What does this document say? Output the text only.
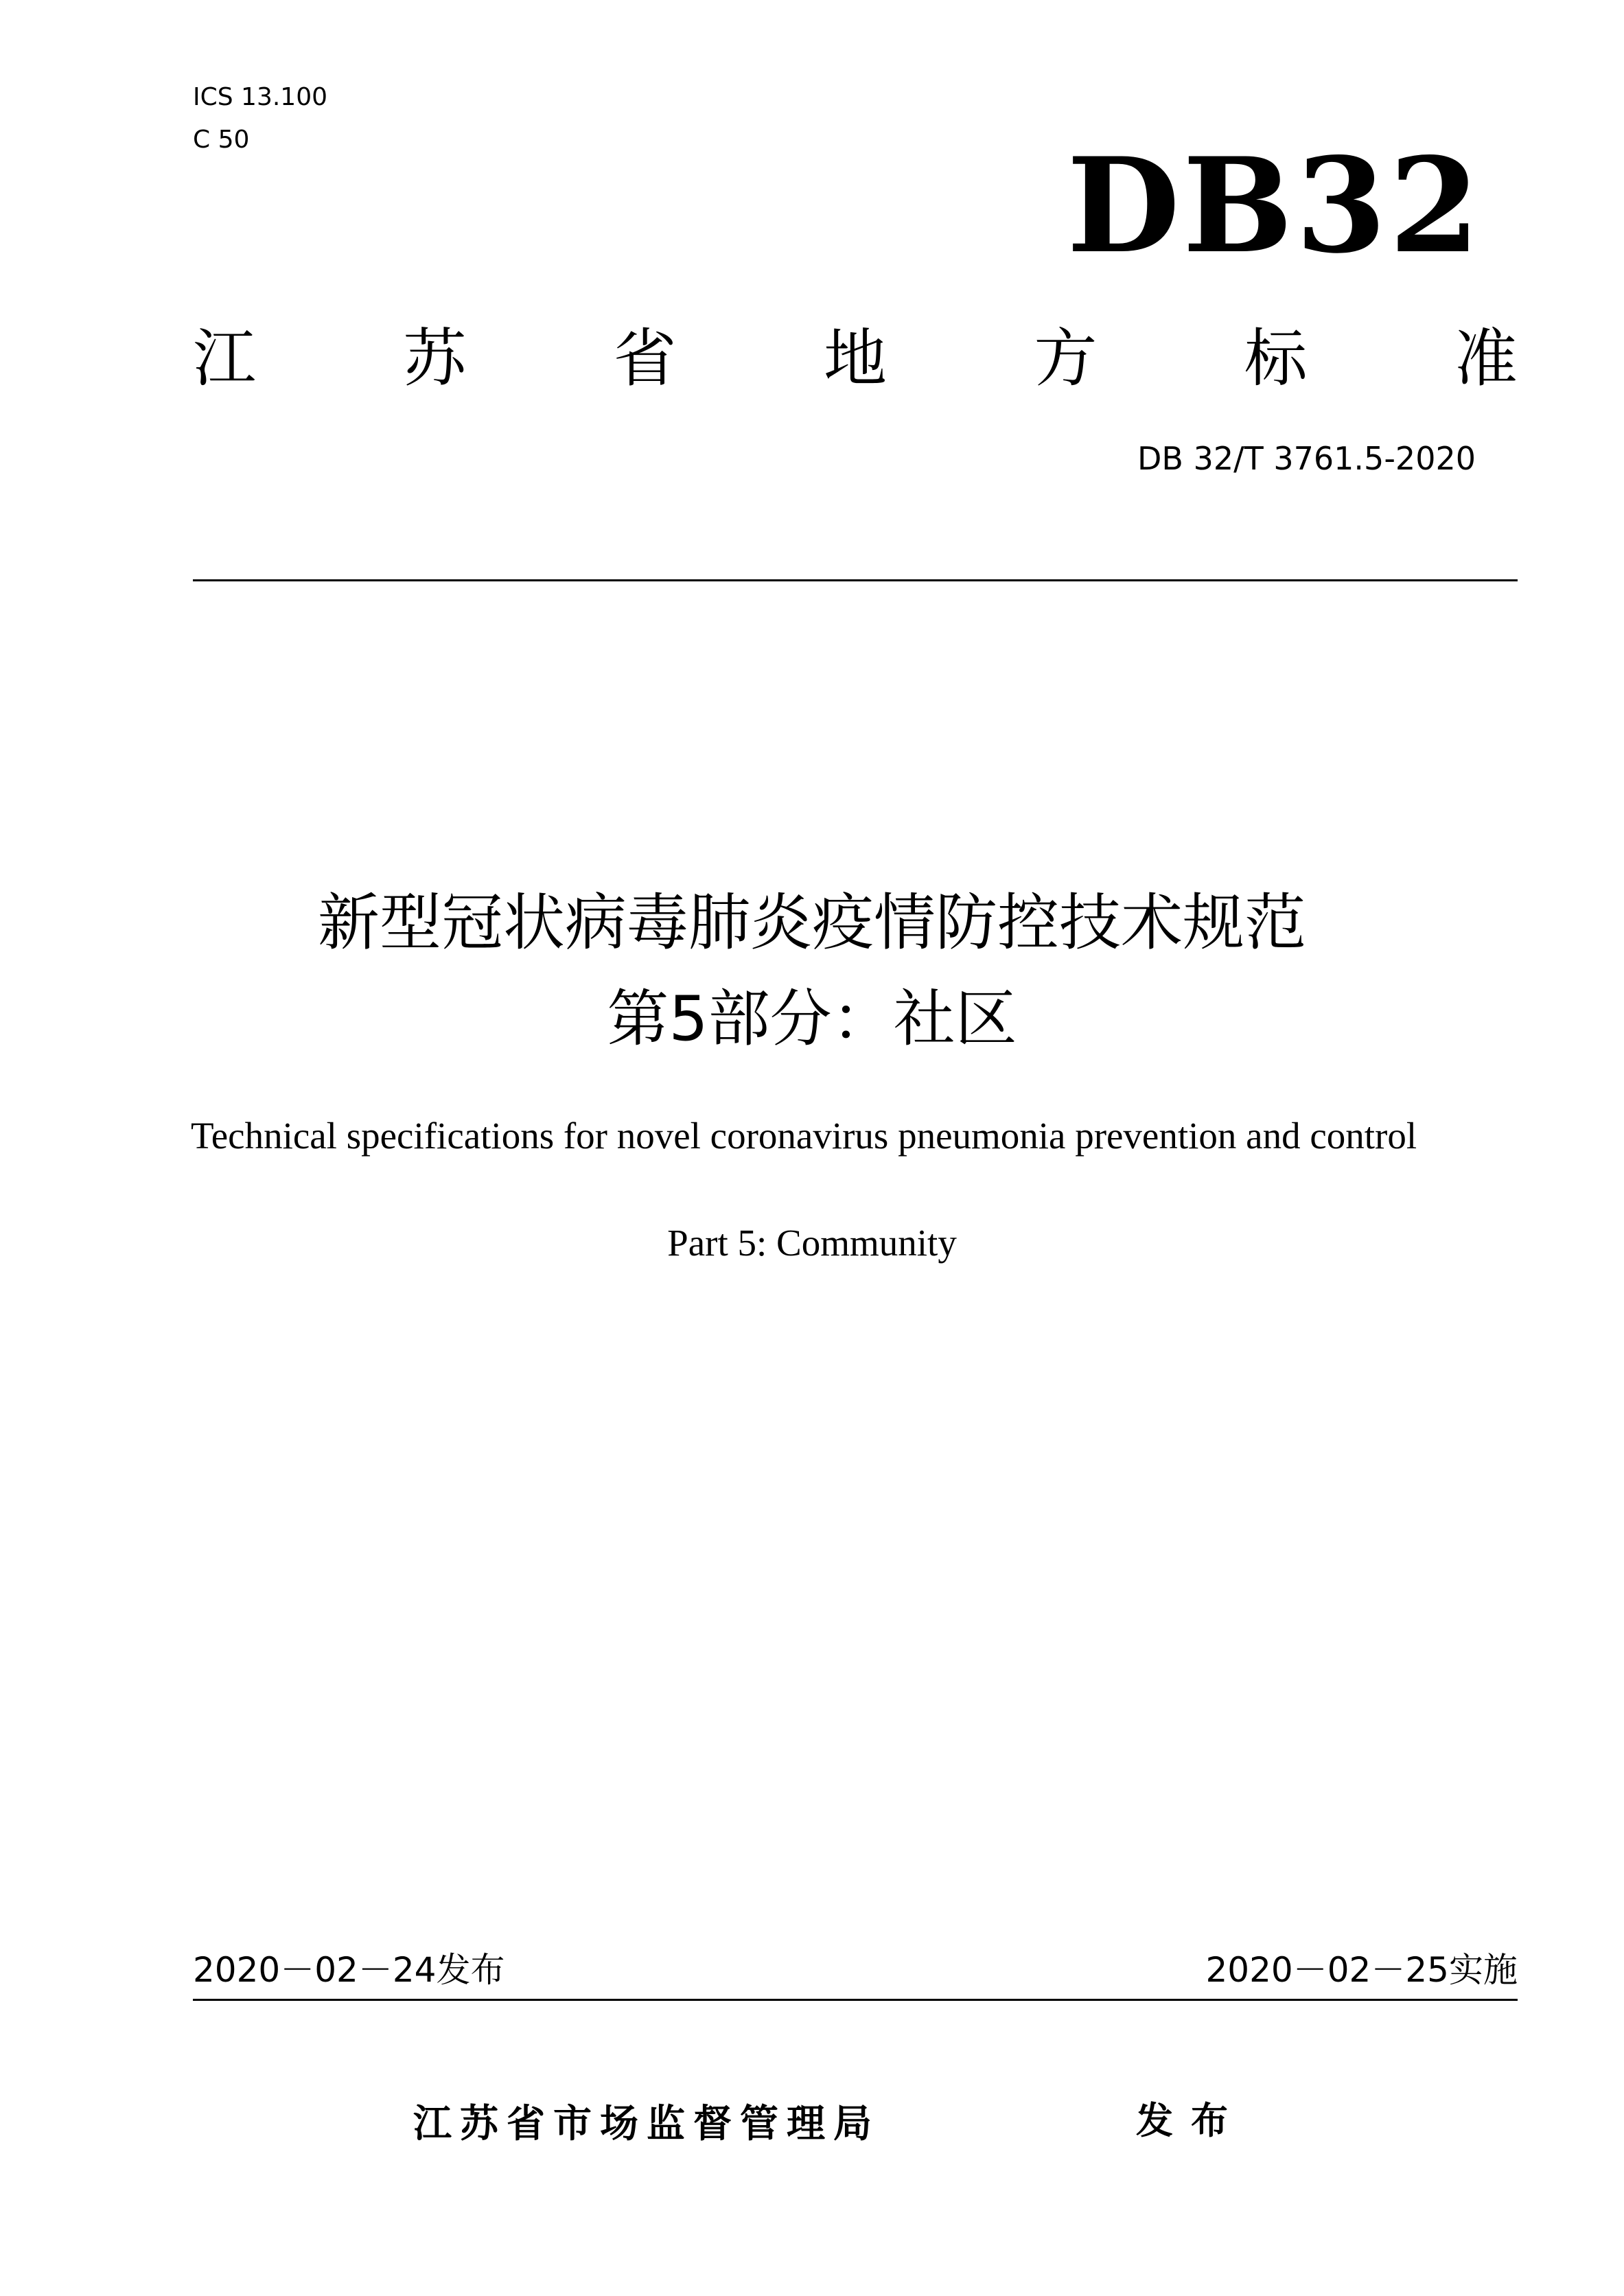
ICS 13.100
C 50	DB32
江 苏 省 地 方 标 准
DB 32/T 3761.5-2020
新型冠状病毒肺炎疫情防控技术规范
第5部分：社区
Technical specifications for novel coronavirus pneumonia prevention and control
Part 5: Community
2020－02－24发布	2020－02－25实施
江苏省市场监督管理局	发布
